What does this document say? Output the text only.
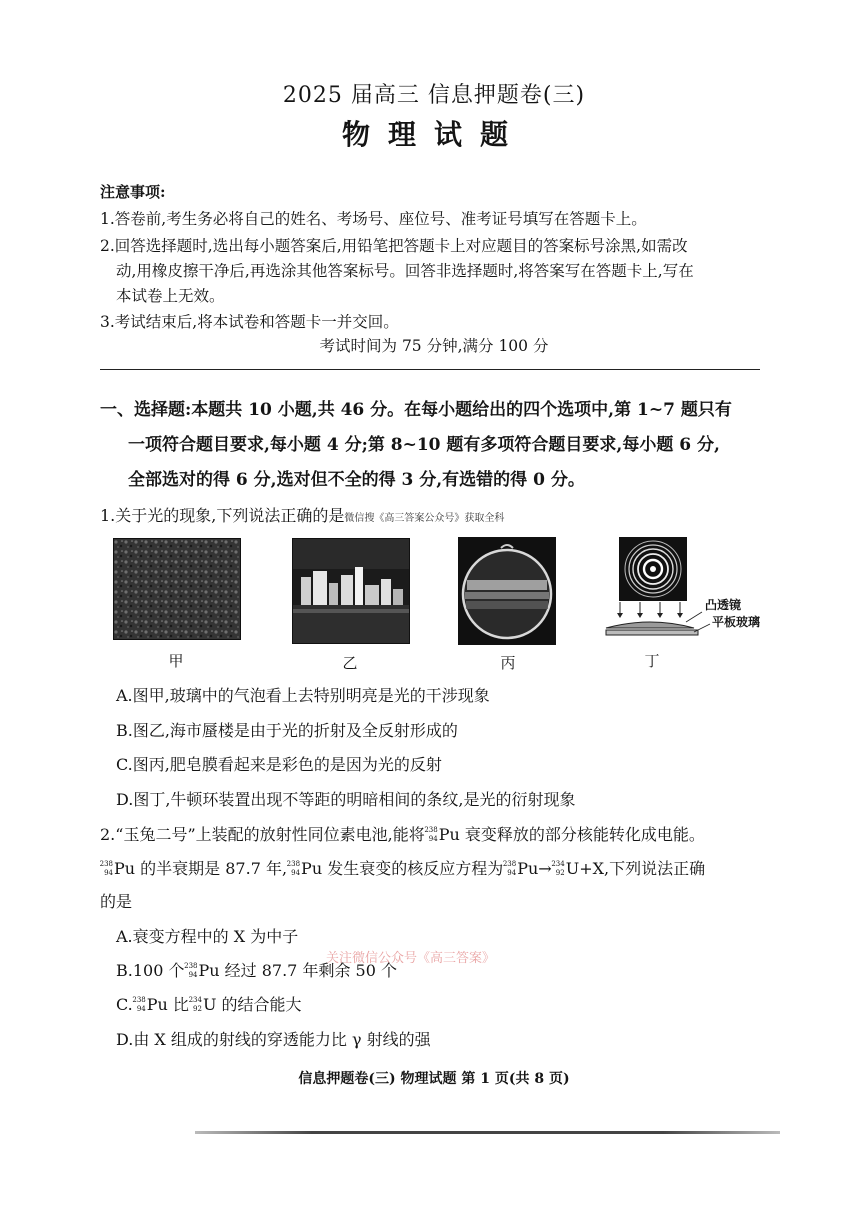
2025 届高三 信息押题卷(三)
物理试题
注意事项:
1.答卷前,考生务必将自己的姓名、考场号、座位号、准考证号填写在答题卡上。
2.回答选择题时,选出每小题答案后,用铅笔把答题卡上对应题目的答案标号涂黑,如需改
动,用橡皮擦干净后,再选涂其他答案标号。回答非选择题时,将答案写在答题卡上,写在
本试卷上无效。
3.考试结束后,将本试卷和答题卡一并交回。
考试时间为 75 分钟,满分 100 分
一、选择题:本题共 10 小题,共 46 分。在每小题给出的四个选项中,第 1~7 题只有
一项符合题目要求,每小题 4 分;第 8~10 题有多项符合题目要求,每小题 6 分,
全部选对的得 6 分,选对但不全的得 3 分,有选错的得 0 分。
1.关于光的现象,下列说法正确的是微信搜《高三答案公众号》获取全科
甲	乙	丙
凸透镜
平板玻璃
丁
A.图甲,玻璃中的气泡看上去特别明亮是光的干涉现象
B.图乙,海市蜃楼是由于光的折射及全反射形成的
C.图丙,肥皂膜看起来是彩色的是因为光的反射
D.图丁,牛顿环装置出现不等距的明暗相间的条纹,是光的衍射现象
2.“玉兔二号”上装配的放射性同位素电池,能将 238
94 Pu 衰变释放的部分核能转化成电能。
238
94 Pu 的半衰期是 87.7 年, 238
94 Pu 发生衰变的核反应方程为 238
94 Pu→ 234
92 U+X,下列说法正确
的是
A.衰变方程中的 X 为中子
关注微信公众号《高三答案》
B.100 个 238
94 Pu 经过 87.7 年剩余 50 个
C. 238
94 Pu 比 234
92 U 的结合能大
D.由 X 组成的射线的穿透能力比 γ 射线的强
信息押题卷(三) 物理试题 第 1 页(共 8 页)
